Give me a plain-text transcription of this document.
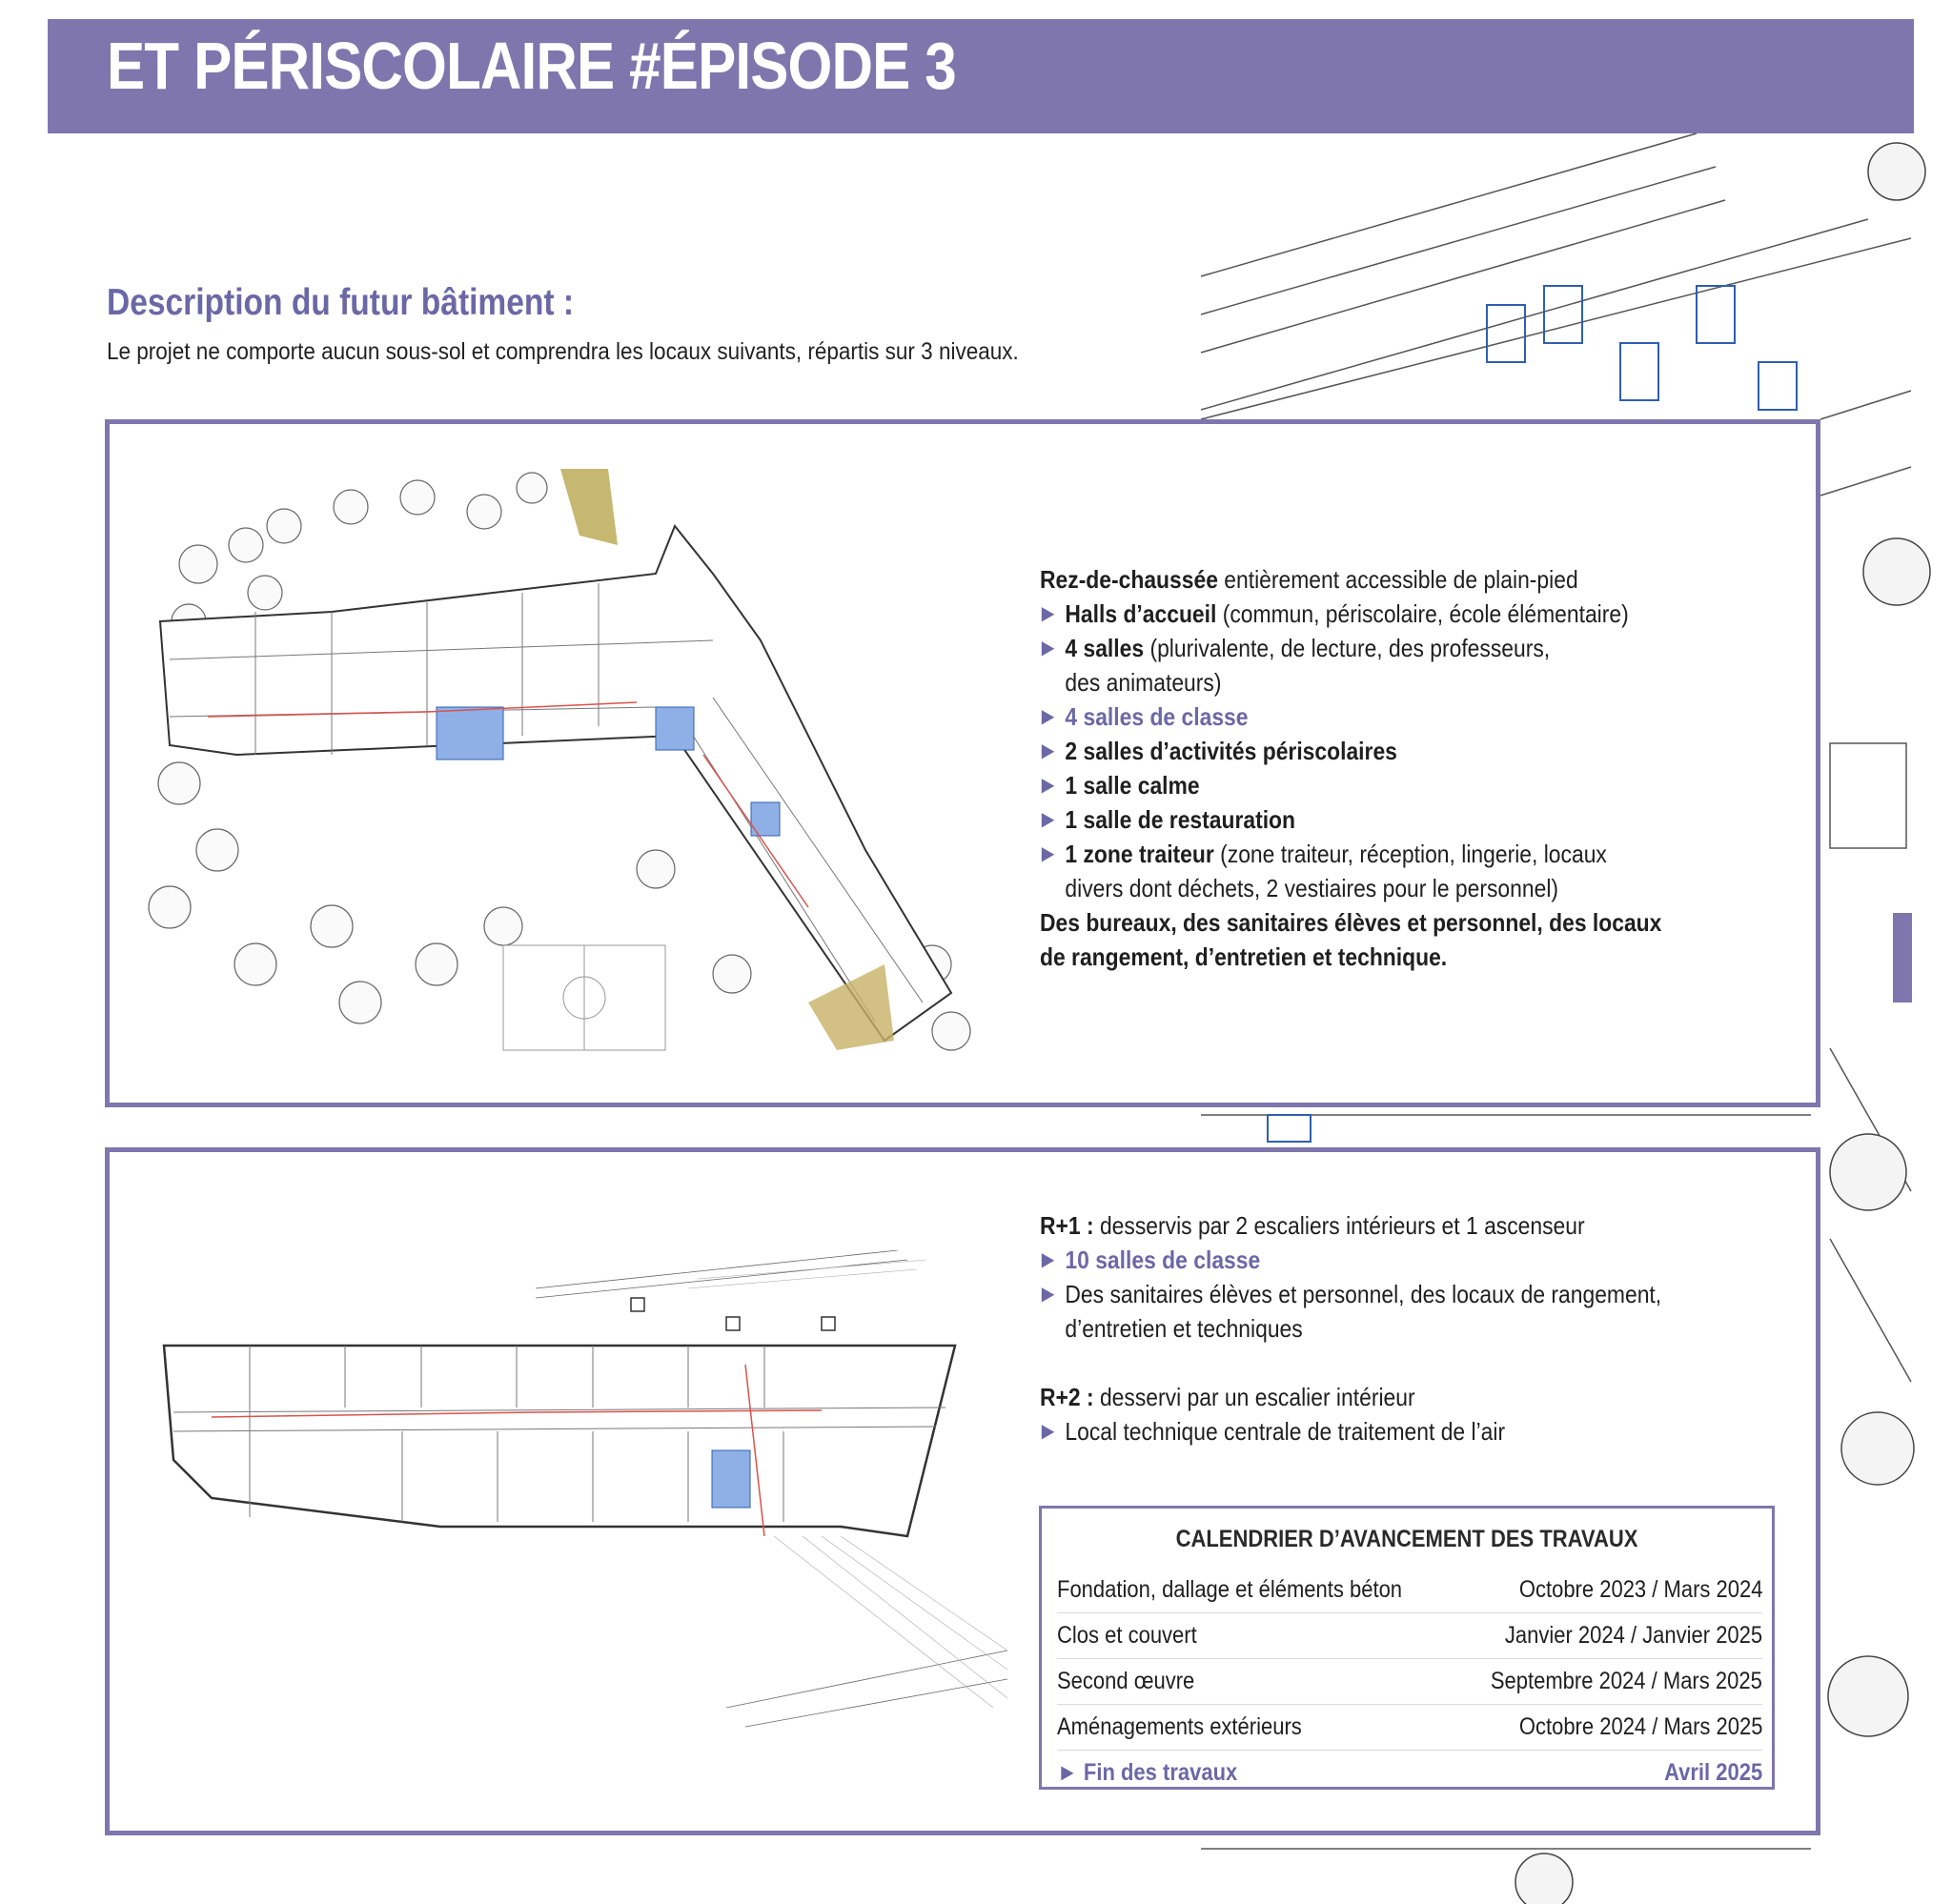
ET PÉRISCOLAIRE #ÉPISODE 3
Description du futur bâtiment :
Le projet ne comporte aucun sous-sol et comprendra les locaux suivants, répartis sur 3 niveaux.
Rez-de-chaussée entièrement accessible de plain-pied
▶ Halls d’accueil (commun, périscolaire, école élémentaire)
▶ 4 salles (plurivalente, de lecture, des professeurs,
des animateurs)
▶ 4 salles de classe
▶ 2 salles d’activités périscolaires
▶ 1 salle calme
▶ 1 salle de restauration
▶ 1 zone traiteur (zone traiteur, réception, lingerie, locaux
divers dont déchets, 2 vestiaires pour le personnel)
Des bureaux, des sanitaires élèves et personnel, des locaux
de rangement, d’entretien et technique.
R+1 : desservis par 2 escaliers intérieurs et 1 ascenseur
▶ 10 salles de classe
▶ Des sanitaires élèves et personnel, des locaux de rangement,
d’entretien et techniques
R+2 : desservi par un escalier intérieur
▶ Local technique centrale de traitement de l’air
CALENDRIER D’AVANCEMENT DES TRAVAUX
Fondation, dallage et éléments béton	Octobre 2023 / Mars 2024
Clos et couvert	Janvier 2024 / Janvier 2025
Second œuvre	Septembre 2024 / Mars 2025
Aménagements extérieurs	Octobre 2024 / Mars 2025
► Fin des travaux	Avril 2025
